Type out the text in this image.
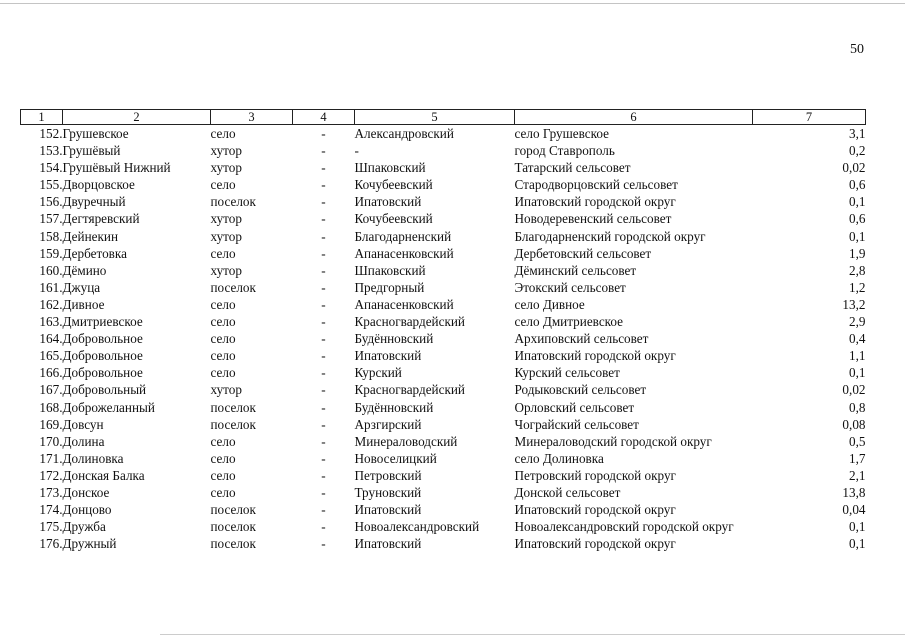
50
1	2	3	4	5	6	7
152.	Грушевское	село	-	Александровский	село Грушевское	3,1
153.	Грушёвый	хутор	-	-	город Ставрополь	0,2
154.	Грушёвый Нижний	хутор	-	Шпаковский	Татарский сельсовет	0,02
155.	Дворцовское	село	-	Кочубеевский	Стародворцовский сельсовет	0,6
156.	Двуречный	поселок	-	Ипатовский	Ипатовский городской округ	0,1
157.	Дегтяревский	хутор	-	Кочубеевский	Новодеревенский сельсовет	0,6
158.	Дейнекин	хутор	-	Благодарненский	Благодарненский городской округ	0,1
159.	Дербетовка	село	-	Апанасенковский	Дербетовский сельсовет	1,9
160.	Дёмино	хутор	-	Шпаковский	Дёминский сельсовет	2,8
161.	Джуца	поселок	-	Предгорный	Этокский сельсовет	1,2
162.	Дивное	село	-	Апанасенковский	село Дивное	13,2
163.	Дмитриевское	село	-	Красногвардейский	село Дмитриевское	2,9
164.	Добровольное	село	-	Будённовский	Архиповский сельсовет	0,4
165.	Добровольное	село	-	Ипатовский	Ипатовский городской округ	1,1
166.	Добровольное	село	-	Курский	Курский сельсовет	0,1
167.	Добровольный	хутор	-	Красногвардейский	Родыковский сельсовет	0,02
168.	Доброжеланный	поселок	-	Будённовский	Орловский сельсовет	0,8
169.	Довсун	поселок	-	Арзгирский	Чограйский сельсовет	0,08
170.	Долина	село	-	Минераловодский	Минераловодский городской округ	0,5
171.	Долиновка	село	-	Новоселицкий	село Долиновка	1,7
172.	Донская Балка	село	-	Петровский	Петровский городской округ	2,1
173.	Донское	село	-	Труновский	Донской сельсовет	13,8
174.	Донцово	поселок	-	Ипатовский	Ипатовский городской округ	0,04
175.	Дружба	поселок	-	Новоалександровский	Новоалександровский городской округ	0,1
176.	Дружный	поселок	-	Ипатовский	Ипатовский городской округ	0,1
